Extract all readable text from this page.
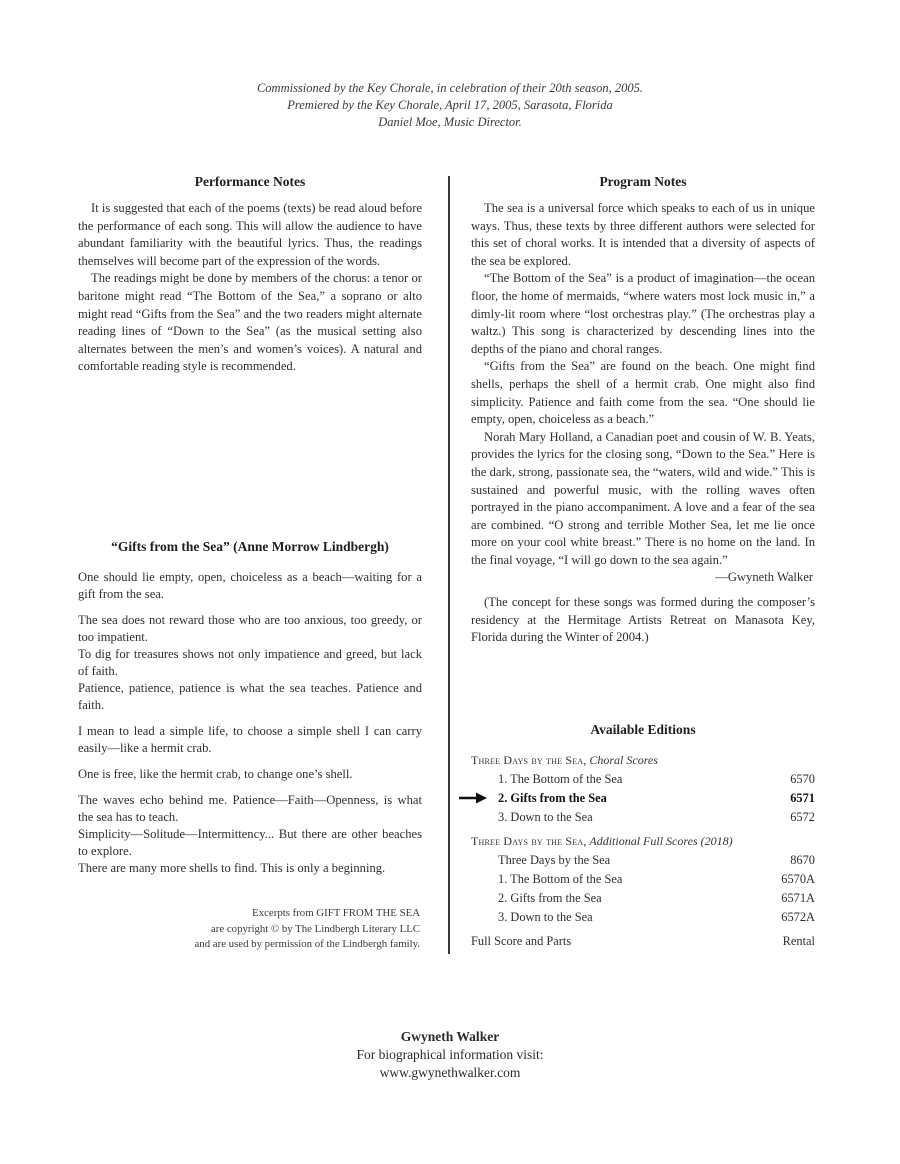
Commissioned by the Key Chorale, in celebration of their 20th season, 2005.
Premiered by the Key Chorale, April 17, 2005, Sarasota, Florida
Daniel Moe, Music Director.
Performance Notes

It is suggested that each of the poems (texts) be read aloud before the performance of each song. This will allow the audience to have abundant familiarity with the beautiful lyrics. Thus, the readings themselves will become part of the expression of the words.

The readings might be done by members of the chorus: a tenor or baritone might read “The Bottom of the Sea,” a soprano or alto might read “Gifts from the Sea” and the two readers might alternate reading lines of “Down to the Sea” (as the musical setting also alternates between the men’s and women’s voices). A natural and comfortable reading style is recommended.

Program Notes

The sea is a universal force which speaks to each of us in unique ways. Thus, these texts by three different authors were selected for this set of choral works. It is intended that a diversity of aspects of the sea be explored.

“The Bottom of the Sea” is a product of imagination—the ocean floor, the home of mermaids, “where waters most lock music in,” a dimly-lit room where “lost orchestras play.” (The orchestras play a waltz.) This song is characterized by descending lines into the depths of the piano and choral ranges.

“Gifts from the Sea” are found on the beach. One might find shells, perhaps the shell of a hermit crab. One might also find simplicity. Patience and faith come from the sea. “One should lie empty, open, choiceless as a beach.”

Norah Mary Holland, a Canadian poet and cousin of W. B. Yeats, provides the lyrics for the closing song, “Down to the Sea.” Here is the dark, strong, passionate sea, the “waters, wild and wide.” This is sustained and powerful music, with the rolling waves often portrayed in the piano accompaniment. A love and a fear of the sea are combined. “O strong and terrible Mother Sea, let me lie once more on your cool white breast.” There is no home on the land. In the final voyage, “I will go down to the sea again.”

—Gwyneth Walker

(The concept for these songs was formed during the composer’s residency at the Hermitage Artists Retreat on Manasota Key, Florida during the Winter of 2004.)

“Gifts from the Sea” (Anne Morrow Lindbergh)

One should lie empty, open, choiceless as a beach—waiting for a gift from the sea.

The sea does not reward those who are too anxious, too greedy, or too impatient.

To dig for treasures shows not only impatience and greed, but lack of faith.

Patience, patience, patience is what the sea teaches. Patience and faith.

I mean to lead a simple life, to choose a simple shell I can carry easily—like a hermit crab.

One is free, like the hermit crab, to change one’s shell.

The waves echo behind me. Patience—Faith—Openness, is what the sea has to teach.

Simplicity—Solitude—Intermittency... But there are other beaches to explore.

There are many more shells to find. This is only a beginning.

Excerpts from GIFT FROM THE SEA
are copyright © by The Lindbergh Literary LLC
and are used by permission of the Lindbergh family.
Available Editions
Three Days by the Sea, Choral Scores
1. The Bottom of the Sea	6570
2. Gifts from the Sea	6571
3. Down to the Sea	6572
Three Days by the Sea, Additional Full Scores (2018)
Three Days by the Sea	8670
1. The Bottom of the Sea	6570A
2. Gifts from the Sea	6571A
3. Down to the Sea	6572A
Full Score and Parts	Rental
Gwyneth Walker
For biographical information visit:
www.gwynethwalker.com
